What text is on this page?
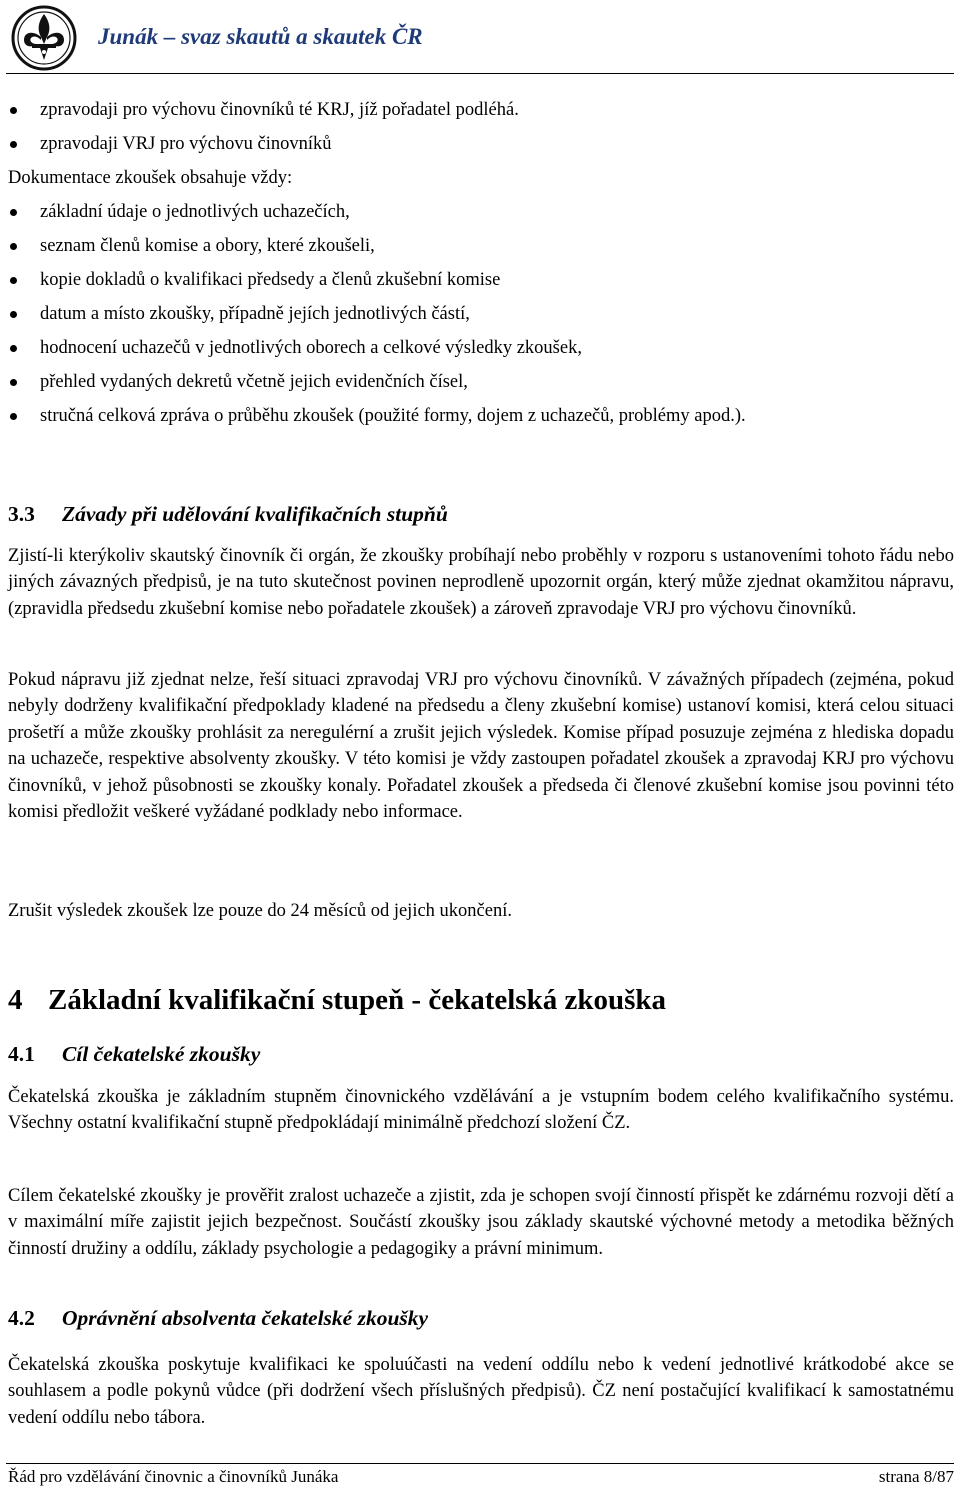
Junák – svaz skautů a skautek ČR
zpravodaji pro výchovu činovníků té KRJ, jíž pořadatel podléhá.
zpravodaji VRJ pro výchovu činovníků
Dokumentace zkoušek obsahuje vždy:
základní údaje o jednotlivých uchazečích,
seznam členů komise a obory, které zkoušeli,
kopie dokladů o kvalifikaci předsedy a členů zkušební komise
datum a místo zkoušky, případně jejích jednotlivých částí,
hodnocení uchazečů v jednotlivých oborech a celkové výsledky zkoušek,
přehled vydaných dekretů včetně jejich evidenčních čísel,
stručná celková zpráva o průběhu zkoušek (použité formy, dojem z uchazečů, problémy apod.).
3.3 Závady při udělování kvalifikačních stupňů
Zjistí-li kterýkoliv skautský činovník či orgán, že zkoušky probíhají nebo proběhly v rozporu s ustanoveními tohoto řádu nebo jiných závazných předpisů, je na tuto skutečnost povinen neprodleně upozornit orgán, který může zjednat okamžitou nápravu, (zpravidla předsedu zkušební komise nebo pořadatele zkoušek) a zároveň zpravodaje VRJ pro výchovu činovníků.
Pokud nápravu již zjednat nelze, řeší situaci zpravodaj VRJ pro výchovu činovníků. V závažných případech (zejména, pokud nebyly dodrženy kvalifikační předpoklady kladené na předsedu a členy zkušební komise) ustanoví komisi, která celou situaci prošetří a může zkoušky prohlásit za neregulérní a zrušit jejich výsledek. Komise případ posuzuje zejména z hlediska dopadu na uchazeče, respektive absolventy zkoušky. V této komisi je vždy zastoupen pořadatel zkoušek a zpravodaj KRJ pro výchovu činovníků, v jehož působnosti se zkoušky konaly. Pořadatel zkoušek a předseda či členové zkušební komise jsou povinni této komisi předložit veškeré vyžádané podklady nebo informace.
Zrušit výsledek zkoušek lze pouze do 24 měsíců od jejich ukončení.
4 Základní kvalifikační stupeň - čekatelská zkouška
4.1 Cíl čekatelské zkoušky
Čekatelská zkouška je základním stupněm činovnického vzdělávání a je vstupním bodem celého kvalifikačního systému. Všechny ostatní kvalifikační stupně předpokládají minimálně předchozí složení ČZ.
Cílem čekatelské zkoušky je prověřit zralost uchazeče a zjistit, zda je schopen svojí činností přispět ke zdárnému rozvoji dětí a v maximální míře zajistit jejich bezpečnost. Součástí zkoušky jsou základy skautské výchovné metody a metodika běžných činností družiny a oddílu, základy psychologie a pedagogiky a právní minimum.
4.2 Oprávnění absolventa čekatelské zkoušky
Čekatelská zkouška poskytuje kvalifikaci ke spoluúčasti na vedení oddílu nebo k vedení jednotlivé krátkodobé akce se souhlasem a podle pokynů vůdce (při dodržení všech příslušných předpisů). ČZ není postačující kvalifikací k samostatnému vedení oddílu nebo tábora.
Řád pro vzdělávání činovnic a činovníků Junáka	strana 8/87
